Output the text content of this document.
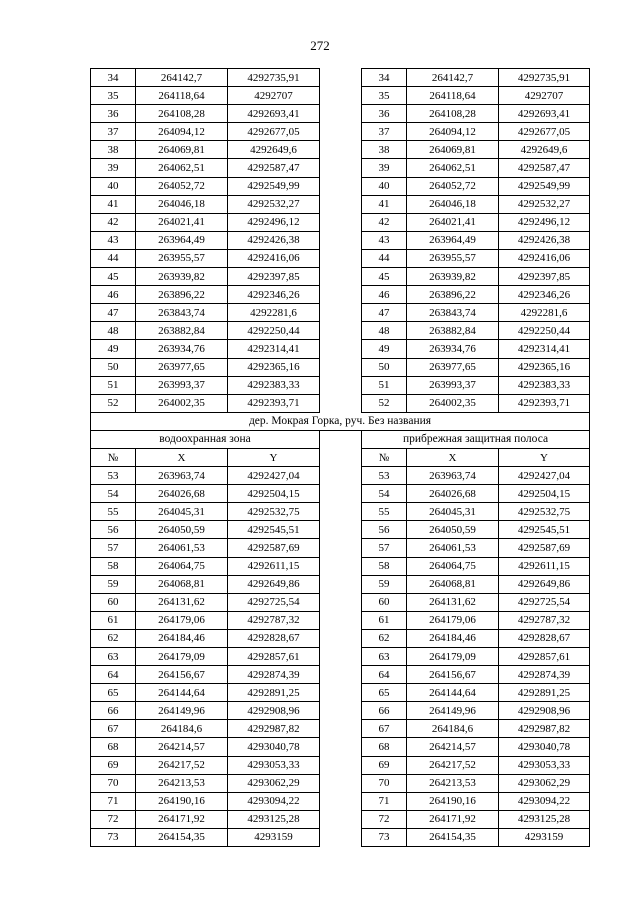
272
34	264142,7	4292735,91		34	264142,7	4292735,91
35	264118,64	4292707		35	264118,64	4292707
36	264108,28	4292693,41		36	264108,28	4292693,41
37	264094,12	4292677,05		37	264094,12	4292677,05
38	264069,81	4292649,6		38	264069,81	4292649,6
39	264062,51	4292587,47		39	264062,51	4292587,47
40	264052,72	4292549,99		40	264052,72	4292549,99
41	264046,18	4292532,27		41	264046,18	4292532,27
42	264021,41	4292496,12		42	264021,41	4292496,12
43	263964,49	4292426,38		43	263964,49	4292426,38
44	263955,57	4292416,06		44	263955,57	4292416,06
45	263939,82	4292397,85		45	263939,82	4292397,85
46	263896,22	4292346,26		46	263896,22	4292346,26
47	263843,74	4292281,6		47	263843,74	4292281,6
48	263882,84	4292250,44		48	263882,84	4292250,44
49	263934,76	4292314,41		49	263934,76	4292314,41
50	263977,65	4292365,16		50	263977,65	4292365,16
51	263993,37	4292383,33		51	263993,37	4292383,33
52	264002,35	4292393,71		52	264002,35	4292393,71
дер. Мокрая Горка, руч. Без названия						
водоохранная зона				прибрежная защитная полоса		
№	X	Y		№	X	Y
53	263963,74	4292427,04		53	263963,74	4292427,04
54	264026,68	4292504,15		54	264026,68	4292504,15
55	264045,31	4292532,75		55	264045,31	4292532,75
56	264050,59	4292545,51		56	264050,59	4292545,51
57	264061,53	4292587,69		57	264061,53	4292587,69
58	264064,75	4292611,15		58	264064,75	4292611,15
59	264068,81	4292649,86		59	264068,81	4292649,86
60	264131,62	4292725,54		60	264131,62	4292725,54
61	264179,06	4292787,32		61	264179,06	4292787,32
62	264184,46	4292828,67		62	264184,46	4292828,67
63	264179,09	4292857,61		63	264179,09	4292857,61
64	264156,67	4292874,39		64	264156,67	4292874,39
65	264144,64	4292891,25		65	264144,64	4292891,25
66	264149,96	4292908,96		66	264149,96	4292908,96
67	264184,6	4292987,82		67	264184,6	4292987,82
68	264214,57	4293040,78		68	264214,57	4293040,78
69	264217,52	4293053,33		69	264217,52	4293053,33
70	264213,53	4293062,29		70	264213,53	4293062,29
71	264190,16	4293094,22		71	264190,16	4293094,22
72	264171,92	4293125,28		72	264171,92	4293125,28
73	264154,35	4293159		73	264154,35	4293159
